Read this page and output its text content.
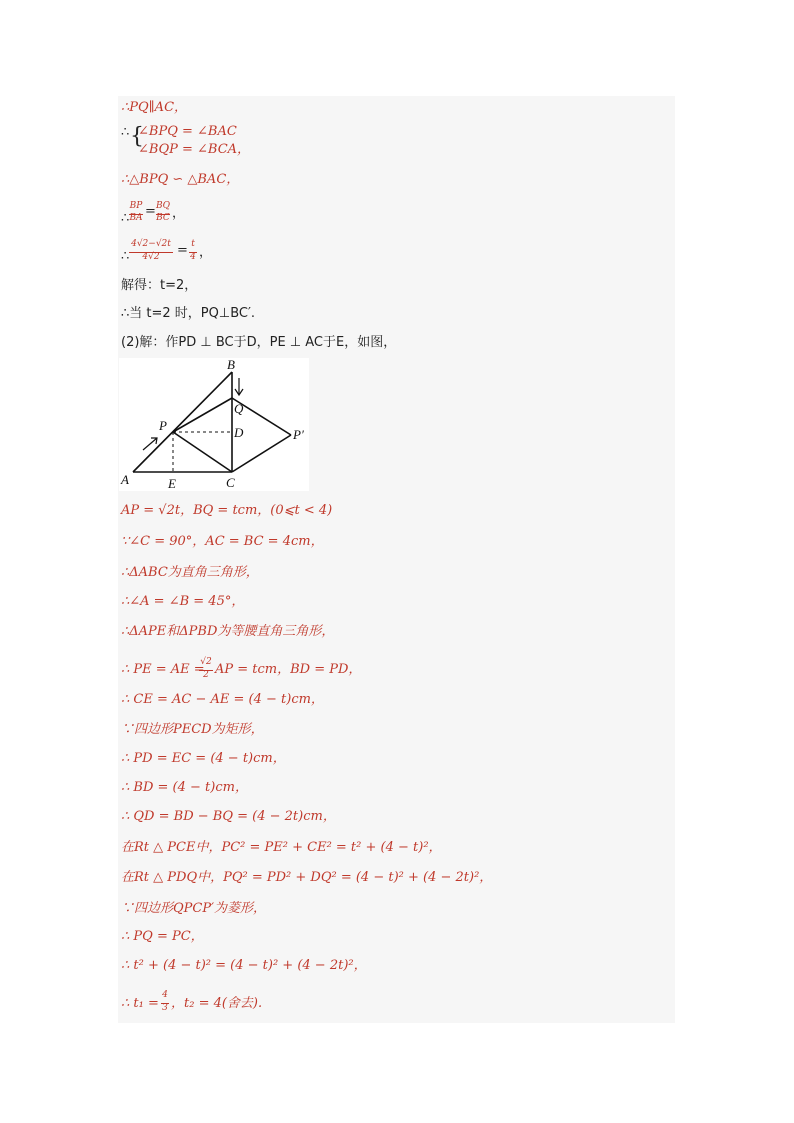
∴PQ∥AC，
∴ {
∠BPQ = ∠BAC
∠BQP = ∠BCA，
∴△BPQ ∽ △BAC，
∴
BP
BA = BQ
BC ，
∴
4√2−√2t
4√2	= t
4 ，
解得：t=2，
∴当 t=2 时，PQ⊥BC′.
(2)解：作PD ⊥ BC于D，PE ⊥ AC于E，如图，
A
B
C
D
E
P
Q
P′
AP = √2t，BQ = tcm，(0⩽t < 4)
∵∠C = 90°，AC = BC = 4cm，
∴ΔABC为直角三角形，
∴∠A = ∠B = 45°，
∴ΔAPE和ΔPBD为等腰直角三角形，
∴ PE = AE =
√2
2 AP = tcm，BD = PD，
∴ CE = AC − AE = (4 − t)cm，
∵四边形PECD为矩形，
∴ PD = EC = (4 − t)cm，
∴ BD = (4 − t)cm，
∴ QD = BD − BQ = (4 − 2t)cm，
在Rt △ PCE中，PC² = PE² + CE² = t² + (4 − t)²，
在Rt △ PDQ中，PQ² = PD² + DQ² = (4 − t)² + (4 − 2t)²，
∵四边形QPCP′为菱形，
∴ PQ = PC，
∴ t² + (4 − t)² = (4 − t)² + (4 − 2t)²，
∴ t₁ =
4
3 ，t₂ = 4(舍去).
